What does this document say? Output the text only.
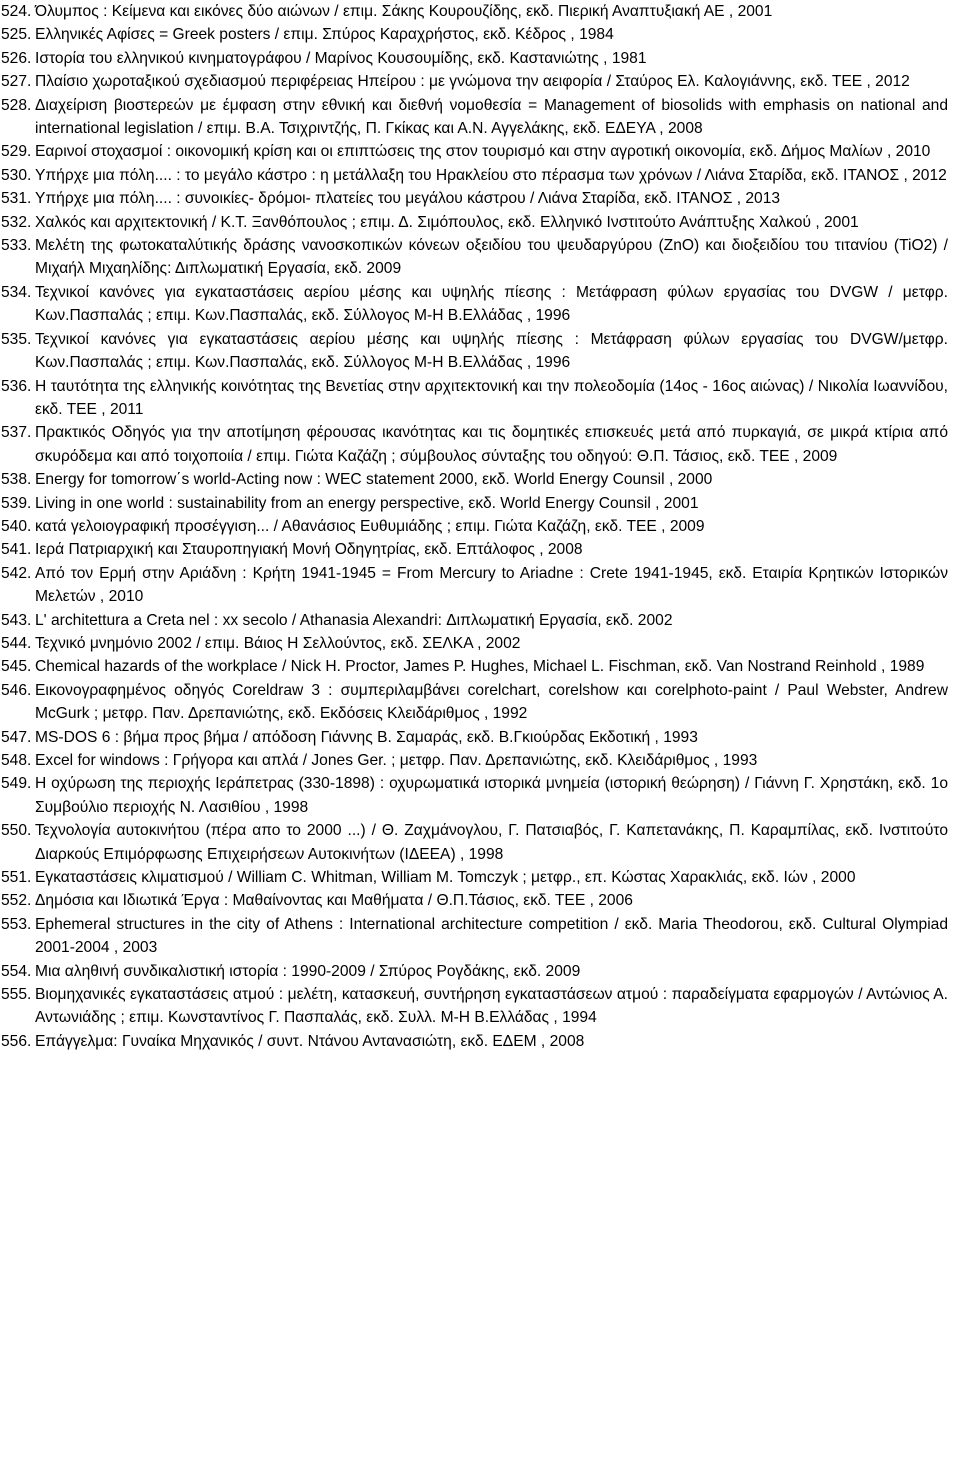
524. Όλυμπος : Κείμενα και εικόνες δύο αιώνων / επιμ. Σάκης Κουρουζίδης, εκδ. Πιερική Αναπτυξιακή ΑΕ , 2001
525. Ελληνικές Αφίσες = Greek posters / επιμ. Σπύρος Καραχρήστος, εκδ. Κέδρος , 1984
526. Ιστορία του ελληνικού κινηματογράφου / Μαρίνος Κουσουμίδης, εκδ. Καστανιώτης , 1981
527. Πλαίσιο χωροταξικού σχεδιασμού περιφέρειας Ηπείρου : με γνώμονα την αειφορία / Σταύρος Ελ. Καλογιάννης, εκδ. ΤΕΕ , 2012
528. Διαχείριση βιοστερεών με έμφαση στην εθνική και διεθνή νομοθεσία = Management of biosolids with emphasis on national and international legislation / επιμ. Β.Α. Τσιχριντζής, Π. Γκίκας και Α.Ν. Αγγελάκης, εκδ. ΕΔΕΥΑ , 2008
529. Εαρινοί στοχασμοί : οικονομική κρίση και οι επιπτώσεις της στον τουρισμό και στην αγροτική οικονομία, εκδ. Δήμος Μαλίων , 2010
530. Υπήρχε μια πόλη.... : το μεγάλο κάστρο : η μετάλλαξη του Ηρακλείου στο πέρασμα των χρόνων / Λιάνα Σταρίδα, εκδ. ΙΤΑΝΟΣ , 2012
531. Υπήρχε μια πόλη.... : συνοικίες- δρόμοι- πλατείες του μεγάλου κάστρου / Λιάνα Σταρίδα, εκδ. ΙΤΑΝΟΣ , 2013
532. Χαλκός και αρχιτεκτονική / Κ.Τ. Ξανθόπουλος ; επιμ. Δ. Σιμόπουλος, εκδ. Ελληνικό Ινστιτούτο Ανάπτυξης Χαλκού , 2001
533. Μελέτη της φωτοκαταλύτικής δράσης νανοσκοπικών κόνεων οξειδίου του ψευδαργύρου (ZnO) και διοξειδίου του τιτανίου (TiO2) / Μιχαήλ Μιχαηλίδης: Διπλωματική Εργασία, εκδ. 2009
534. Τεχνικοί κανόνες για εγκαταστάσεις αερίου μέσης και υψηλής πίεσης : Μετάφραση φύλων εργασίας του DVGW / μετφρ. Κων.Πασπαλάς ; επιμ. Κων.Πασπαλάς, εκδ. Σύλλογος Μ-Η Β.Ελλάδας , 1996
535. Τεχνικοί κανόνες για εγκαταστάσεις αερίου μέσης και υψηλής πίεσης : Μετάφραση φύλων εργασίας του DVGW/μετφρ. Κων.Πασπαλάς ; επιμ. Κων.Πασπαλάς, εκδ. Σύλλογος Μ-Η Β.Ελλάδας , 1996
536. Η ταυτότητα της ελληνικής κοινότητας της Βενετίας στην αρχιτεκτονική και την πολεοδομία (14ος - 16ος αιώνας) / Νικολία Ιωαννίδου, εκδ. ΤΕΕ , 2011
537. Πρακτικός Οδηγός για την αποτίμηση φέρουσας ικανότητας και τις δομητικές επισκευές μετά από πυρκαγιά, σε μικρά κτίρια από σκυρόδεμα και από τοιχοποιία / επιμ. Γιώτα Καζάζη ; σύμβουλος σύνταξης του οδηγού: Θ.Π. Τάσιος, εκδ. ΤΕΕ , 2009
538. Energy for tomorrow΄s world-Acting now : WEC statement 2000, εκδ. World Energy Counsil , 2000
539. Living in one world : sustainability from an energy perspective, εκδ. World Energy Counsil , 2001
540. κατά γελοιογραφική προσέγγιση... / Αθανάσιος Ευθυμιάδης ; επιμ. Γιώτα Καζάζη, εκδ. ΤΕΕ , 2009
541. Ιερά Πατριαρχική και Σταυροπηγιακή Μονή Οδηγητρίας, εκδ. Επτάλοφος , 2008
542. Από τον Ερμή στην Αριάδνη : Κρήτη 1941-1945 = From Mercury to Ariadne : Crete 1941-1945, εκδ. Εταιρία Κρητικών Ιστορικών Μελετών , 2010
543. L' architettura a Creta nel : xx secolo / Athanasia Alexandri: Διπλωματική Εργασία, εκδ. 2002
544. Τεχνικό μνημόνιο 2002 / επιμ. Βάιος Η Σελλούντος, εκδ. ΣΕΛΚΑ , 2002
545. Chemical hazards of the workplace / Nick H. Proctor, James P. Hughes, Michael L. Fischman, εκδ. Van Nostrand Reinhold , 1989
546. Εικονογραφημένος οδηγός Coreldraw 3 : συμπεριλαμβάνει corelchart, corelshow και corelphoto-paint / Paul Webster, Andrew McGurk ; μετφρ. Παν. Δρεπανιώτης, εκδ. Εκδόσεις Κλειδάριθμος , 1992
547. MS-DOS 6 : βήμα προς βήμα / απόδοση Γιάννης Β. Σαμαράς, εκδ. Β.Γκιούρδας Εκδοτική , 1993
548. Excel for windows : Γρήγορα και απλά / Jones Ger. ; μετφρ. Παν. Δρεπανιώτης, εκδ. Κλειδάριθμος , 1993
549. Η οχύρωση της περιοχής Ιεράπετρας (330-1898) : οχυρωματικά ιστορικά μνημεία (ιστορική θεώρηση) / Γιάννη Γ. Χρηστάκη, εκδ. 1ο Συμβούλιο περιοχής Ν. Λασιθίου , 1998
550. Τεχνολογία αυτοκινήτου (πέρα απο το 2000 ...) / Θ. Ζαχμάνογλου, Γ. Πατσιαβός, Γ. Καπετανάκης, Π. Καραμπίλας, εκδ. Ινστιτούτο Διαρκούς Επιμόρφωσης Επιχειρήσεων Αυτοκινήτων (ΙΔΕΕΑ) , 1998
551. Εγκαταστάσεις κλιματισμού / William C. Whitman, William M. Tomczyk ; μετφρ., επ. Κώστας Χαρακλιάς, εκδ. Ιών , 2000
552. Δημόσια και Ιδιωτικά Έργα : Μαθαίνοντας και Μαθήματα / Θ.Π.Τάσιος, εκδ. ΤΕΕ , 2006
553. Ephemeral structures in the city of Athens : International architecture competition / εκδ. Maria Theodorou, εκδ. Cultural Olympiad 2001-2004 , 2003
554. Μια αληθινή συνδικαλιστική ιστορία : 1990-2009 / Σπύρος Ρογδάκης, εκδ. 2009
555. Βιομηχανικές εγκαταστάσεις ατμού : μελέτη, κατασκευή, συντήρηση εγκαταστάσεων ατμού : παραδείγματα εφαρμογών / Αντώνιος Α. Αντωνιάδης ; επιμ. Κωνσταντίνος Γ. Πασπαλάς, εκδ. Συλλ. Μ-Η Β.Ελλάδας , 1994
556. Επάγγελμα: Γυναίκα Μηχανικός / συντ. Ντάνου Αντανασιώτη, εκδ. ΕΔΕΜ , 2008
